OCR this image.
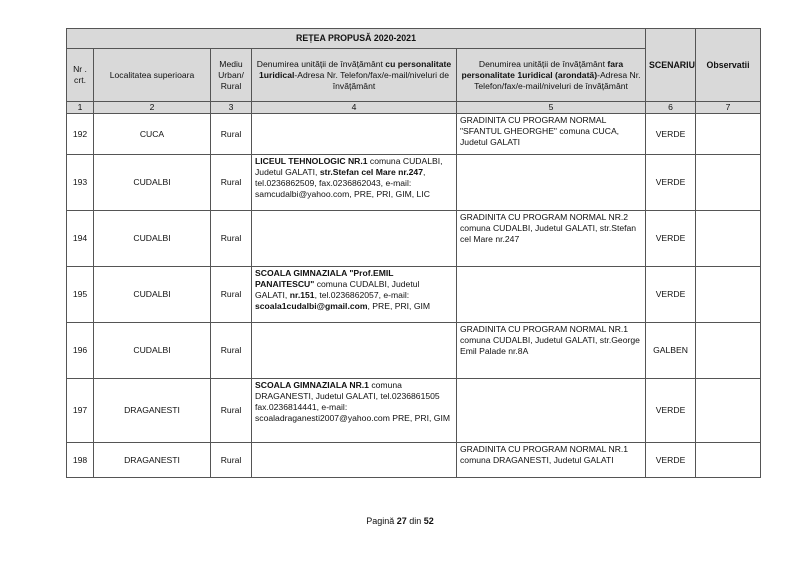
REȚEA PROPUSĂ 2020-2021					SCENARIU	Observatii
Nr . crt.	Localitatea superioara	Mediu Urban/ Rural	Denumirea unității de învățământ cu personalitate 1uridical-Adresa Nr. Telefon/fax/e-mail/niveluri de învățământ	Denumirea unității de învățământ fara personalitate 1uridical (arondată)-Adresa Nr. Telefon/fax/e-mail/niveluri de învățământ		
1	2	3	4	5	6	7
192	CUCA	Rural		GRADINITA CU PROGRAM NORMAL "SFANTUL GHEORGHE" comuna CUCA, Judetul GALATI	VERDE	
193	CUDALBI	Rural	LICEUL TEHNOLOGIC NR.1 comuna CUDALBI, Judetul GALATI, str.Stefan cel Mare nr.247, tel.0236862509, fax.0236862043, e-mail: samcudalbi@yahoo.com, PRE, PRI, GIM, LIC		VERDE	
194	CUDALBI	Rural		GRADINITA CU PROGRAM NORMAL NR.2 comuna CUDALBI, Judetul GALATI, str.Stefan cel Mare nr.247	VERDE	
195	CUDALBI	Rural	SCOALA GIMNAZIALA "Prof.EMIL PANAITESCU" comuna CUDALBI, Judetul GALATI, nr.151, tel.0236862057, e-mail: scoala1cudalbi@gmail.com, PRE, PRI, GIM		VERDE	
196	CUDALBI	Rural		GRADINITA CU PROGRAM NORMAL NR.1 comuna CUDALBI, Judetul GALATI, str.George Emil Palade nr.8A	GALBEN	
197	DRAGANESTI	Rural	SCOALA GIMNAZIALA NR.1 comuna DRAGANESTI, Judetul GALATI, tel.0236861505 fax.0236814441, e-mail: scoaladraganesti2007@yahoo.com PRE, PRI, GIM		VERDE	
198	DRAGANESTI	Rural		GRADINITA CU PROGRAM NORMAL NR.1 comuna DRAGANESTI, Judetul GALATI	VERDE	
Pagină 27 din 52
